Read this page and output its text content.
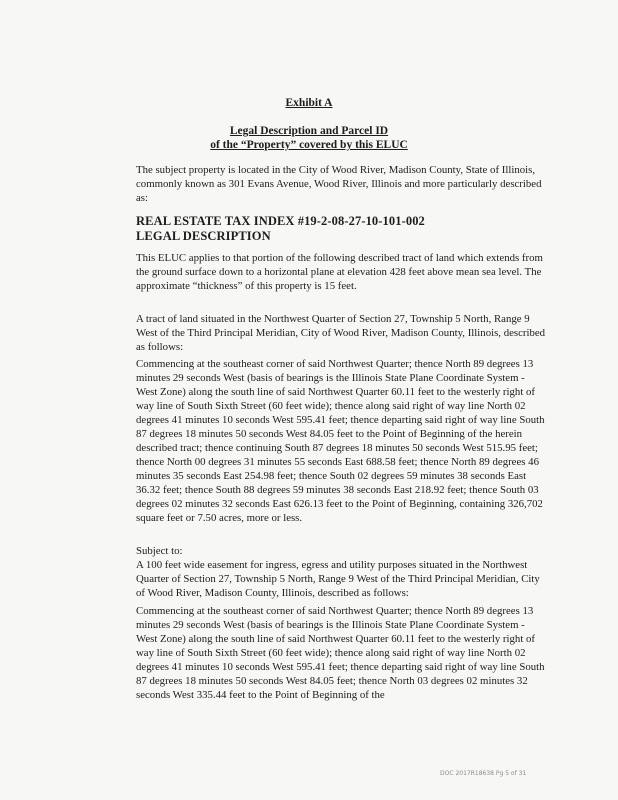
Exhibit A
Legal Description and Parcel ID
of the “Property” covered by this ELUC

The subject property is located in the City of Wood River, Madison County, State of Illinois, commonly known as 301 Evans Avenue, Wood River, Illinois and more particularly described as:

REAL ESTATE TAX INDEX #19-2-08-27-10-101-002
LEGAL DESCRIPTION

This ELUC applies to that portion of the following described tract of land which extends from the ground surface down to a horizontal plane at elevation 428 feet above mean sea level. The approximate “thickness” of this property is 15 feet.

A tract of land situated in the Northwest Quarter of Section 27, Township 5 North, Range 9 West of the Third Principal Meridian, City of Wood River, Madison County, Illinois, described as follows:

Commencing at the southeast corner of said Northwest Quarter; thence North 89 degrees 13 minutes 29 seconds West (basis of bearings is the Illinois State Plane Coordinate System - West Zone) along the south line of said Northwest Quarter 60.11 feet to the westerly right of way line of South Sixth Street (60 feet wide); thence along said right of way line North 02 degrees 41 minutes 10 seconds West 595.41 feet; thence departing said right of way line South 87 degrees 18 minutes 50 seconds West 84.05 feet to the Point of Beginning of the herein described tract; thence continuing South 87 degrees 18 minutes 50 seconds West 515.95 feet; thence North 00 degrees 31 minutes 55 seconds East 688.58 feet; thence North 89 degrees 46 minutes 35 seconds East 254.98 feet; thence South 02 degrees 59 minutes 38 seconds East 36.32 feet; thence South 88 degrees 59 minutes 38 seconds East 218.92 feet; thence South 03 degrees 02 minutes 32 seconds East 626.13 feet to the Point of Beginning, containing 326,702 square feet or 7.50 acres, more or less.

Subject to:
A 100 feet wide easement for ingress, egress and utility purposes situated in the Northwest Quarter of Section 27, Township 5 North, Range 9 West of the Third Principal Meridian, City of Wood River, Madison County, Illinois, described as follows:

Commencing at the southeast corner of said Northwest Quarter; thence North 89 degrees 13 minutes 29 seconds West (basis of bearings is the Illinois State Plane Coordinate System - West Zone) along the south line of said Northwest Quarter 60.11 feet to the westerly right of way line of South Sixth Street (60 feet wide); thence along said right of way line North 02 degrees 41 minutes 10 seconds West 595.41 feet; thence departing said right of way line South 87 degrees 18 minutes 50 seconds West 84.05 feet; thence North 03 degrees 02 minutes 32 seconds West 335.44 feet to the Point of Beginning of the

DOC 2017R18638 Pg 5 of 31
